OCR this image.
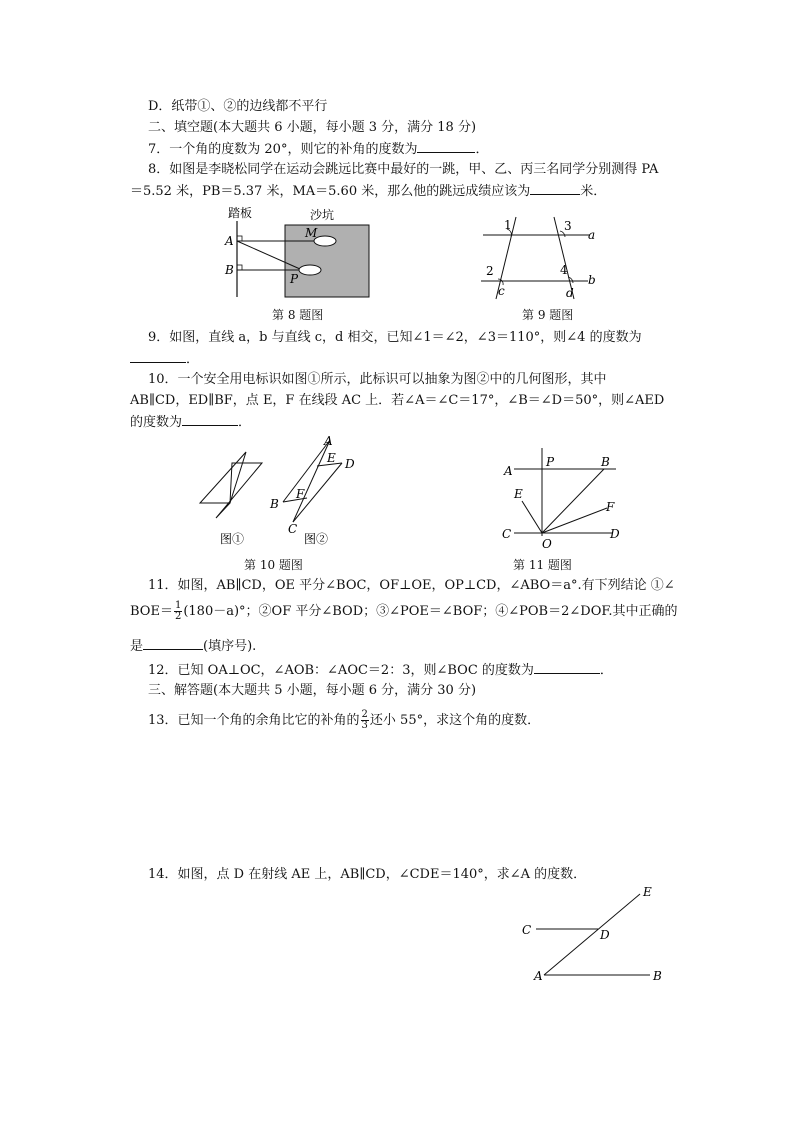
D．纸带①、②的边线都不平行
二、填空题(本大题共 6 小题，每小题 3 分，满分 18 分)
7．一个角的度数为 20°，则它的补角的度数为	．
8．如图是李晓松同学在运动会跳远比赛中最好的一跳，甲、乙、丙三名同学分别测得 PA
＝5.52 米，PB＝5.37 米，MA＝5.60 米，那么他的跳远成绩应该为	米．
踏板	沙坑
A
B
M
P
第 8 题图
1
2
3
4
a
b
c	d
第 9 题图
9．如图，直线 a，b 与直线 c，d 相交，已知∠1＝∠2，∠3＝110°，则∠4 的度数为
．
10．一个安全用电标识如图①所示，此标识可以抽象为图②中的几何图形，其中
AB∥CD，ED∥BF，点 E，F 在线段 AC 上．若∠A＝∠C＝17°，∠B＝∠D＝50°，则∠AED
的度数为	．
A
E D
B
F
C
图①	图②
第 10 题图
A
P	B
E
F
C	D
O
第 11 题图
11．如图，AB∥CD，OE 平分∠BOC，OF⊥OE，OP⊥CD，∠ABO＝a°.有下列结论 ①∠
$BOE= \frac{1}{2} (180-a)^\circ$；②OF 平分∠BOD；③∠POE＝∠BOF；④∠POB＝2∠DOF.其中正确的
是	(填序号).
12．已知 OA⊥OC，∠AOB：∠AOC＝2：3，则∠BOC 的度数为	．
三、解答题(本大题共 5 小题，每小题 6 分，满分 30 分)
13．已知一个角的余角比它的补角的 $\frac{2}{3}$ 还小 55°，求这个角的度数．
14．如图，点 D 在射线 AE 上，AB∥CD，∠CDE＝140°，求∠A 的度数．
A	B
C	D
E
